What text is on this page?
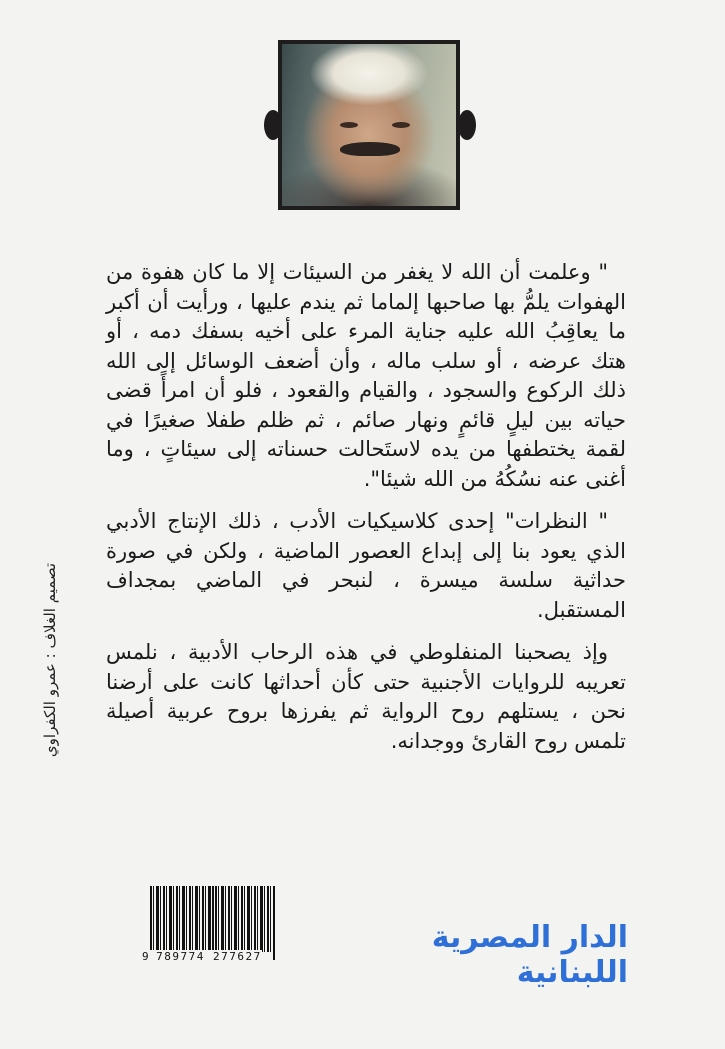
" وعلمت أن الله لا يغفر من السيئات إلا ما كان هفوة من الهفوات يلمُّ بها صاحبها إلماما ثم يندم عليها ، ورأيت أن أكبر ما يعاقِبُ الله عليه جناية المرء على أخيه بسفك دمه ، أو هتك عرضه ، أو سلب ماله ، وأن أضعف الوسائل إلى الله ذلك الركوع والسجود ، والقيام والقعود ، فلو أن امرأً قضى حياته بين ليلٍ قائمٍ ونهار صائم ، ثم ظلم طفلا صغيرًا في لقمة يختطفها من يده لاستَحالت حسناته إلى سيئاتٍ ، وما أغنى عنه نسُكُهُ من الله شيئا".

" النظرات" إحدى كلاسيكيات الأدب ، ذلك الإنتاج الأدبي الذي يعود بنا إلى إبداع العصور الماضية ، ولكن في صورة حداثية سلسة ميسرة ، لنبحر في الماضي بمجداف المستقبل.

وإذ يصحبنا المنفلوطي في هذه الرحاب الأدبية ، نلمس تعريبه للروايات الأجنبية حتى كأن أحداثها كانت على أرضنا نحن ، يستلهم روح الرواية ثم يفرزها بروح عربية أصيلة تلمس روح القارئ ووجدانه.

تصميم الغلاف : عمرو الكفراوي
9 789774 277627
الدار المصرية اللبنانية
